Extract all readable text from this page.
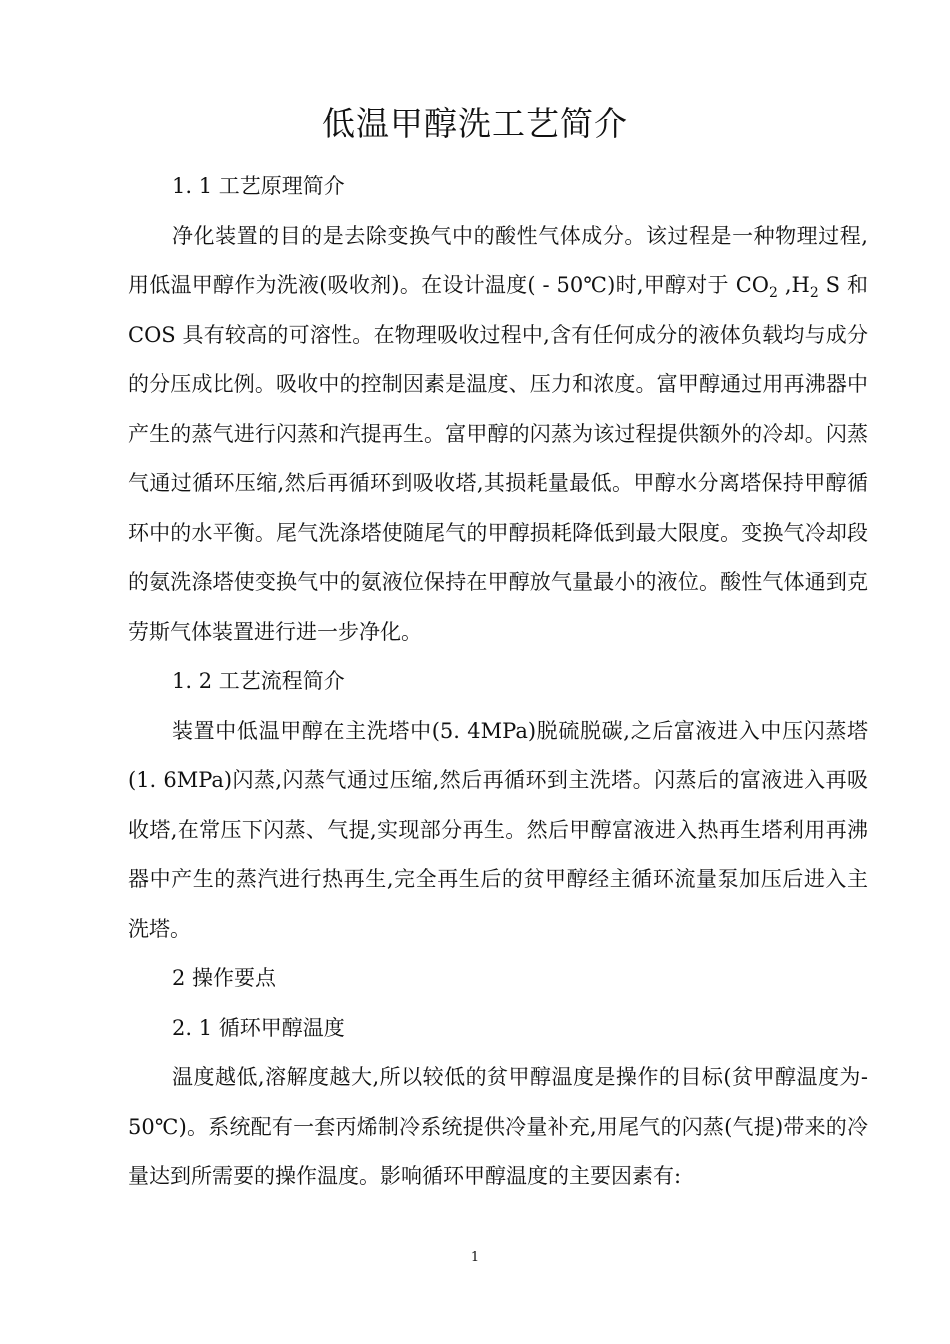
低温甲醇洗工艺简介

1. 1 工艺原理简介

净化装置的目的是去除变换气中的酸性气体成分。该过程是一种物理过程,用低温甲醇作为洗液(吸收剂)。在设计温度( - 50℃)时,甲醇对于 $CO_2$ $,H_2$ S 和 COS 具有较高的可溶性。在物理吸收过程中,含有任何成分的液体负载均与成分的分压成比例。吸收中的控制因素是温度、压力和浓度。富甲醇通过用再沸器中产生的蒸气进行闪蒸和汽提再生。富甲醇的闪蒸为该过程提供额外的冷却。闪蒸气通过循环压缩,然后再循环到吸收塔,其损耗量最低。甲醇水分离塔保持甲醇循环中的水平衡。尾气洗涤塔使随尾气的甲醇损耗降低到最大限度。变换气冷却段的氨洗涤塔使变换气中的氨液位保持在甲醇放气量最小的液位。酸性气体通到克劳斯气体装置进行进一步净化。

1. 2 工艺流程简介

装置中低温甲醇在主洗塔中(5. 4MPa)脱硫脱碳,之后富液进入中压闪蒸塔(1. 6MPa)闪蒸,闪蒸气通过压缩,然后再循环到主洗塔。闪蒸后的富液进入再吸收塔,在常压下闪蒸、气提,实现部分再生。然后甲醇富液进入热再生塔利用再沸器中产生的蒸汽进行热再生,完全再生后的贫甲醇经主循环流量泵加压后进入主洗塔。

2 操作要点

2. 1 循环甲醇温度

温度越低,溶解度越大,所以较低的贫甲醇温度是操作的目标(贫甲醇温度为- 50℃)。系统配有一套丙烯制冷系统提供冷量补充,用尾气的闪蒸(气提)带来的冷量达到所需要的操作温度。影响循环甲醇温度的主要因素有:

1
